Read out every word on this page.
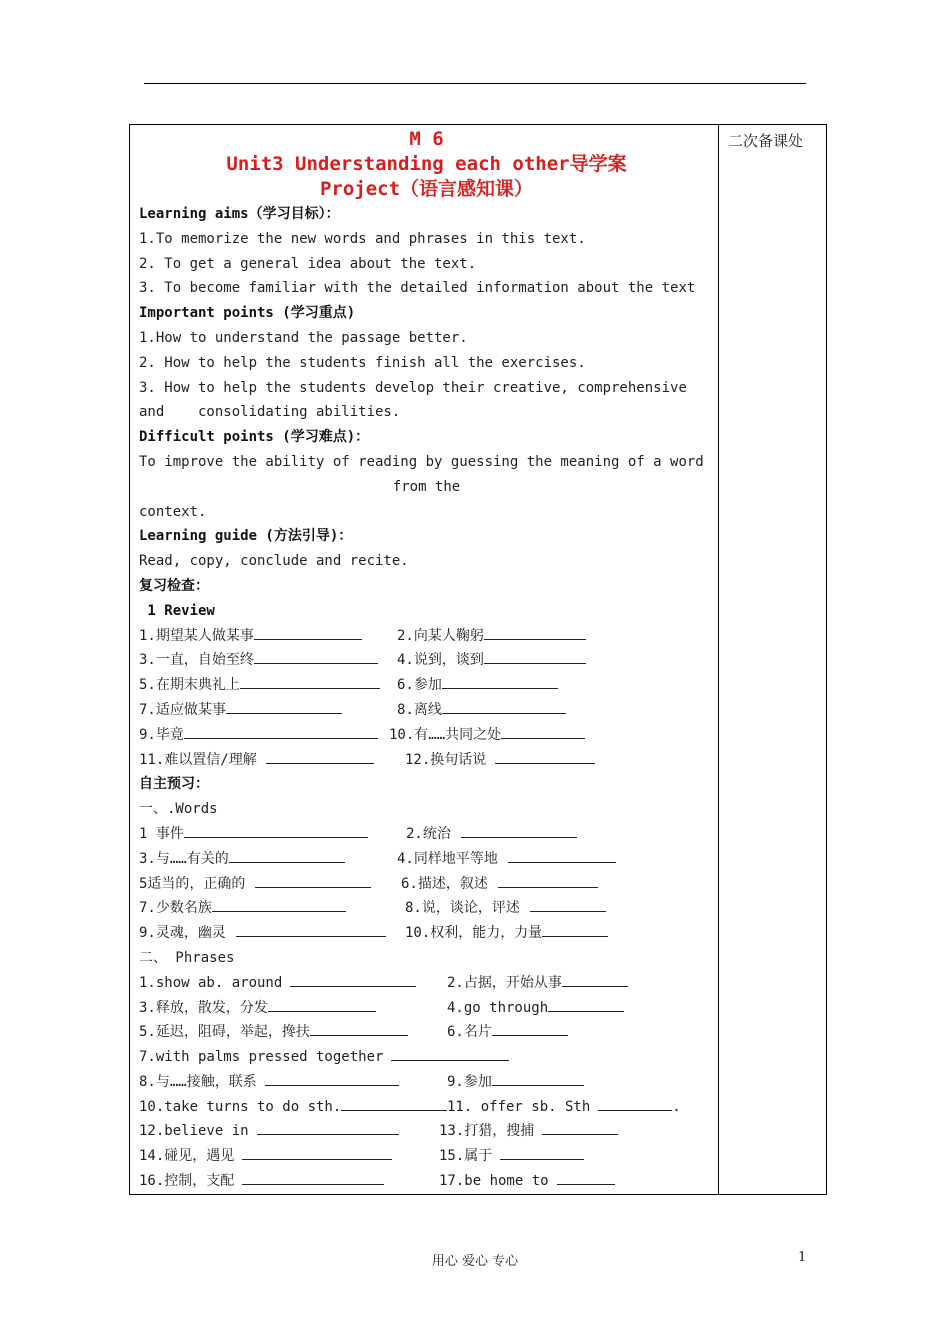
二次备课处
M 6
Unit3 Understanding each other导学案
Project（语言感知课）
Learning aims（学习目标）：
1.To memorize the new words and phrases in this text.
2. To get a general idea about the text.
3. To become familiar with the detailed information about the text
Important points (学习重点)
1.How to understand the passage better.
2. How to help the students finish all the exercises.
3. How to help the students develop their creative, comprehensive
and    consolidating abilities.
Difficult points (学习难点)：
To improve the ability of reading by guessing the meaning of a word
from the
context.
Learning guide (方法引导)：
Read, copy, conclude and recite.
复习检查：
1 Review
1.期望某人做某事	2.向某人鞠躬
3.一直，自始至终	4.说到，谈到
5.在期末典礼上	6.参加
7.适应做某事	8.离线
9.毕竟	10.有……共同之处
11.难以置信/理解	12.换句话说
自主预习：
一、.Words
1 事件	2.统治
3.与……有关的	4.同样地平等地
5适当的，正确的	6.描述，叙述
7.少数名族	8.说，谈论，评述
9.灵魂，幽灵	10.权利，能力，力量
二、 Phrases
1.show ab. around	2.占据，开始从事
3.释放，散发，分发	4.go through
5.延迟，阻碍，举起，搀扶	6.名片
7.with palms pressed together
8.与……接触，联系	9.参加
10.take turns to do sth.	11. offer sb. Sth	.
12.believe in	13.打猎，搜捕
14.碰见，遇见	15.属于
16.控制，支配	17.be home to
用心 爱心 专心	1
